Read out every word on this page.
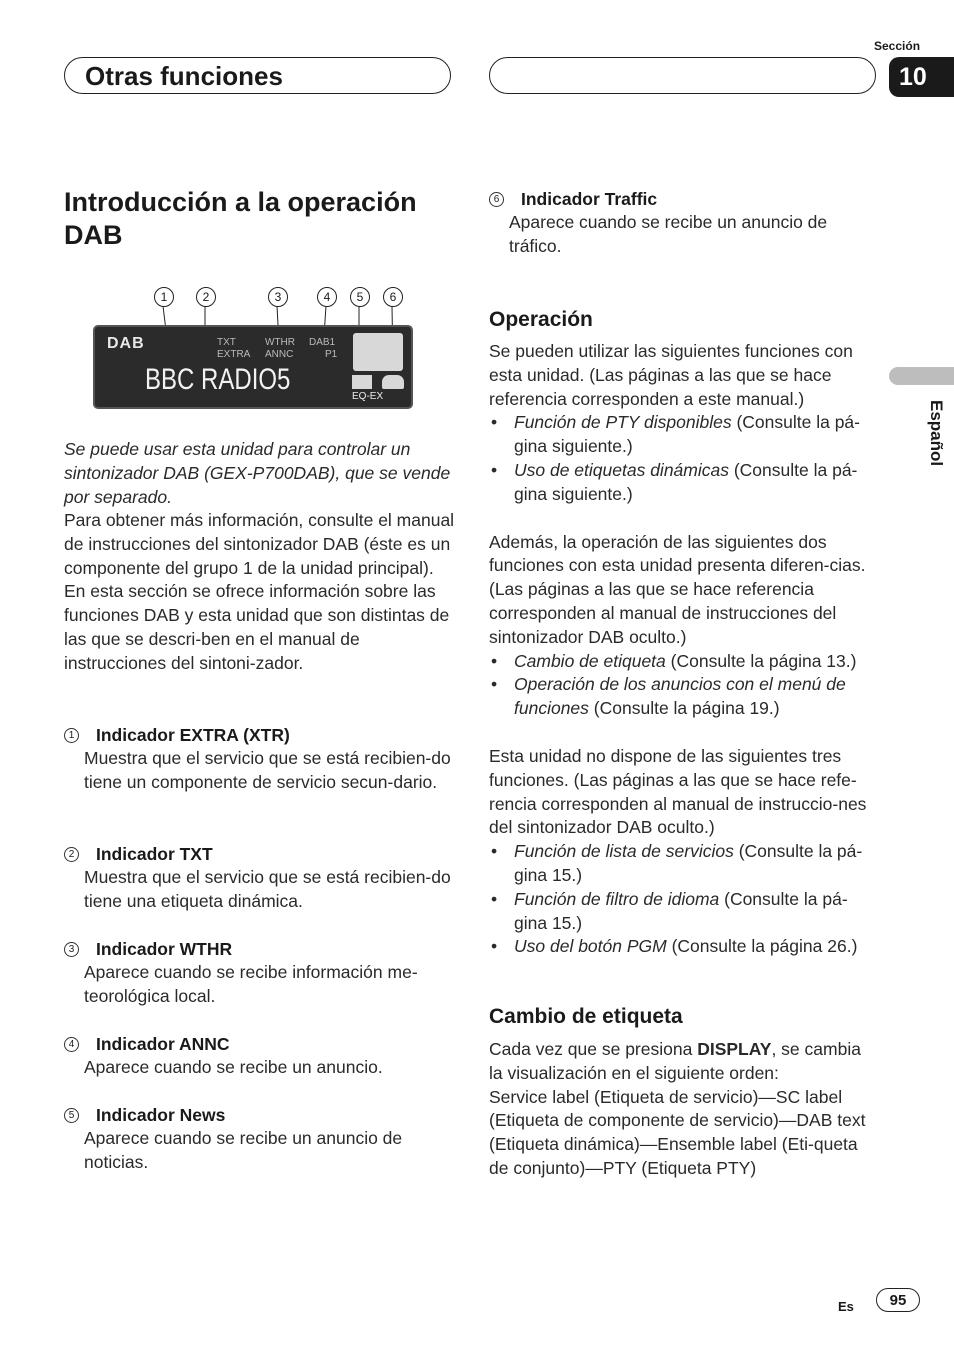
Sección
Otras funciones	10
Español
Introducción a la operación DAB
1	2	3	4	5	6
DAB	TXT
EXTRA
WTHR
ANNC
DAB1
P1
BBC RADIO5
EQ-EX
Se puede usar esta unidad para controlar un sintonizador DAB (GEX-P700DAB), que se vende por separado.
Para obtener más información, consulte el manual de instrucciones del sintonizador DAB (éste es un componente del grupo 1 de la unidad principal). En esta sección se ofrece información sobre las funciones DAB y esta unidad que son distintas de las que se descri-ben en el manual de instrucciones del sintoni-zador.
1 Indicador EXTRA (XTR)
Muestra que el servicio que se está recibien-do tiene un componente de servicio secun-dario.
2 Indicador TXT
Muestra que el servicio que se está recibien-do tiene una etiqueta dinámica.
3 Indicador WTHR
Aparece cuando se recibe información me-teorológica local.
4 Indicador ANNC
Aparece cuando se recibe un anuncio.
5 Indicador News
Aparece cuando se recibe un anuncio de noticias.
6 Indicador Traffic
Aparece cuando se recibe un anuncio de tráfico.
Operación
Se pueden utilizar las siguientes funciones con esta unidad. (Las páginas a las que se hace referencia corresponden a este manual.)
• Función de PTY disponibles (Consulte la pá-gina siguiente.)
• Uso de etiquetas dinámicas (Consulte la pá-gina siguiente.)
Además, la operación de las siguientes dos funciones con esta unidad presenta diferen-cias. (Las páginas a las que se hace referencia corresponden al manual de instrucciones del sintonizador DAB oculto.)
• Cambio de etiqueta (Consulte la página 13.)
• Operación de los anuncios con el menú de funciones (Consulte la página 19.)
Esta unidad no dispone de las siguientes tres funciones. (Las páginas a las que se hace refe-rencia corresponden al manual de instruccio-nes del sintonizador DAB oculto.)
• Función de lista de servicios (Consulte la pá-gina 15.)
• Función de filtro de idioma (Consulte la pá-gina 15.)
• Uso del botón PGM (Consulte la página 26.)
Cambio de etiqueta
Cada vez que se presiona DISPLAY, se cambia la visualización en el siguiente orden:
Service label (Etiqueta de servicio)—SC label (Etiqueta de componente de servicio)—DAB text (Etiqueta dinámica)—Ensemble label (Eti-queta de conjunto)—PTY (Etiqueta PTY)
Es	95
